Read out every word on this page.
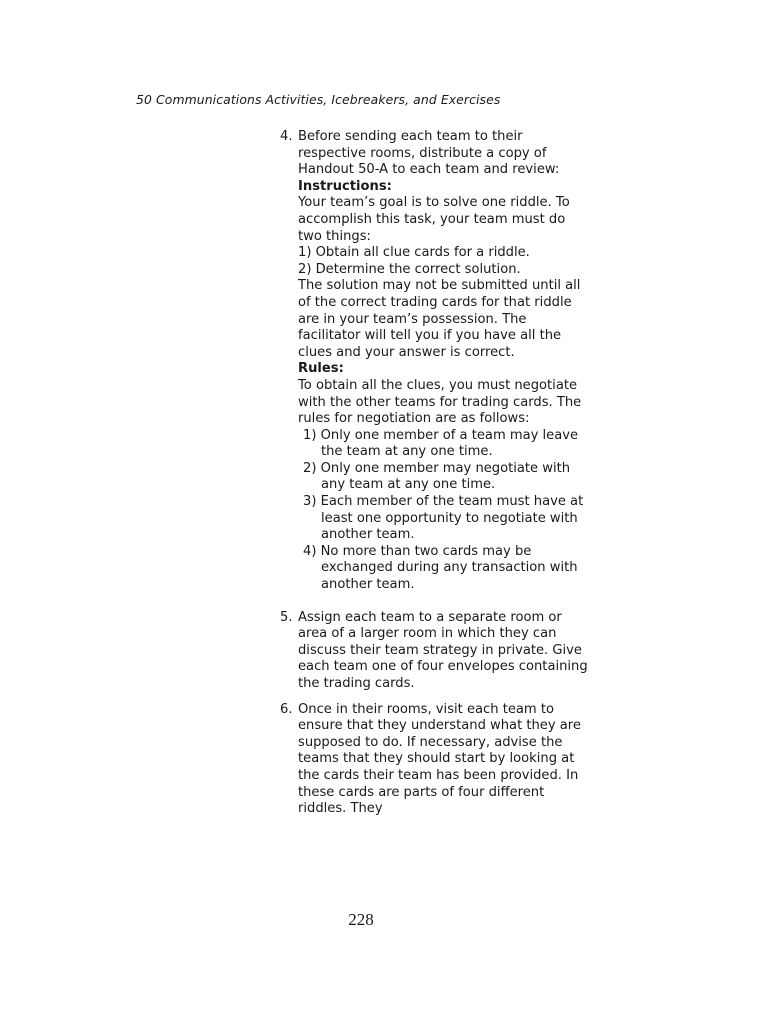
50 Communications Activities, Icebreakers, and Exercises
4. Before sending each team to their respective rooms, distribute a copy of Handout 50-A to each team and review:

Instructions:

Your team’s goal is to solve one riddle. To accomplish this task, your team must do two things:

1) Obtain all clue cards for a riddle.

2) Determine the correct solution.

The solution may not be submitted until all of the correct trading cards for that riddle are in your team’s possession. The facilitator will tell you if you have all the clues and your answer is correct.

Rules:

To obtain all the clues, you must negotiate with the other teams for trading cards. The rules for negotiation are as follows:

1) Only one member of a team may leave the team at any one time.

2) Only one member may negotiate with any team at any one time.

3) Each member of the team must have at least one opportunity to negotiate with another team.

4) No more than two cards may be exchanged during any transaction with another team.

5. Assign each team to a separate room or area of a larger room in which they can discuss their team strategy in private. Give each team one of four envelopes containing the trading cards.

6. Once in their rooms, visit each team to ensure that they understand what they are supposed to do. If necessary, advise the teams that they should start by looking at the cards their team has been provided. In these cards are parts of four different riddles. They

228
